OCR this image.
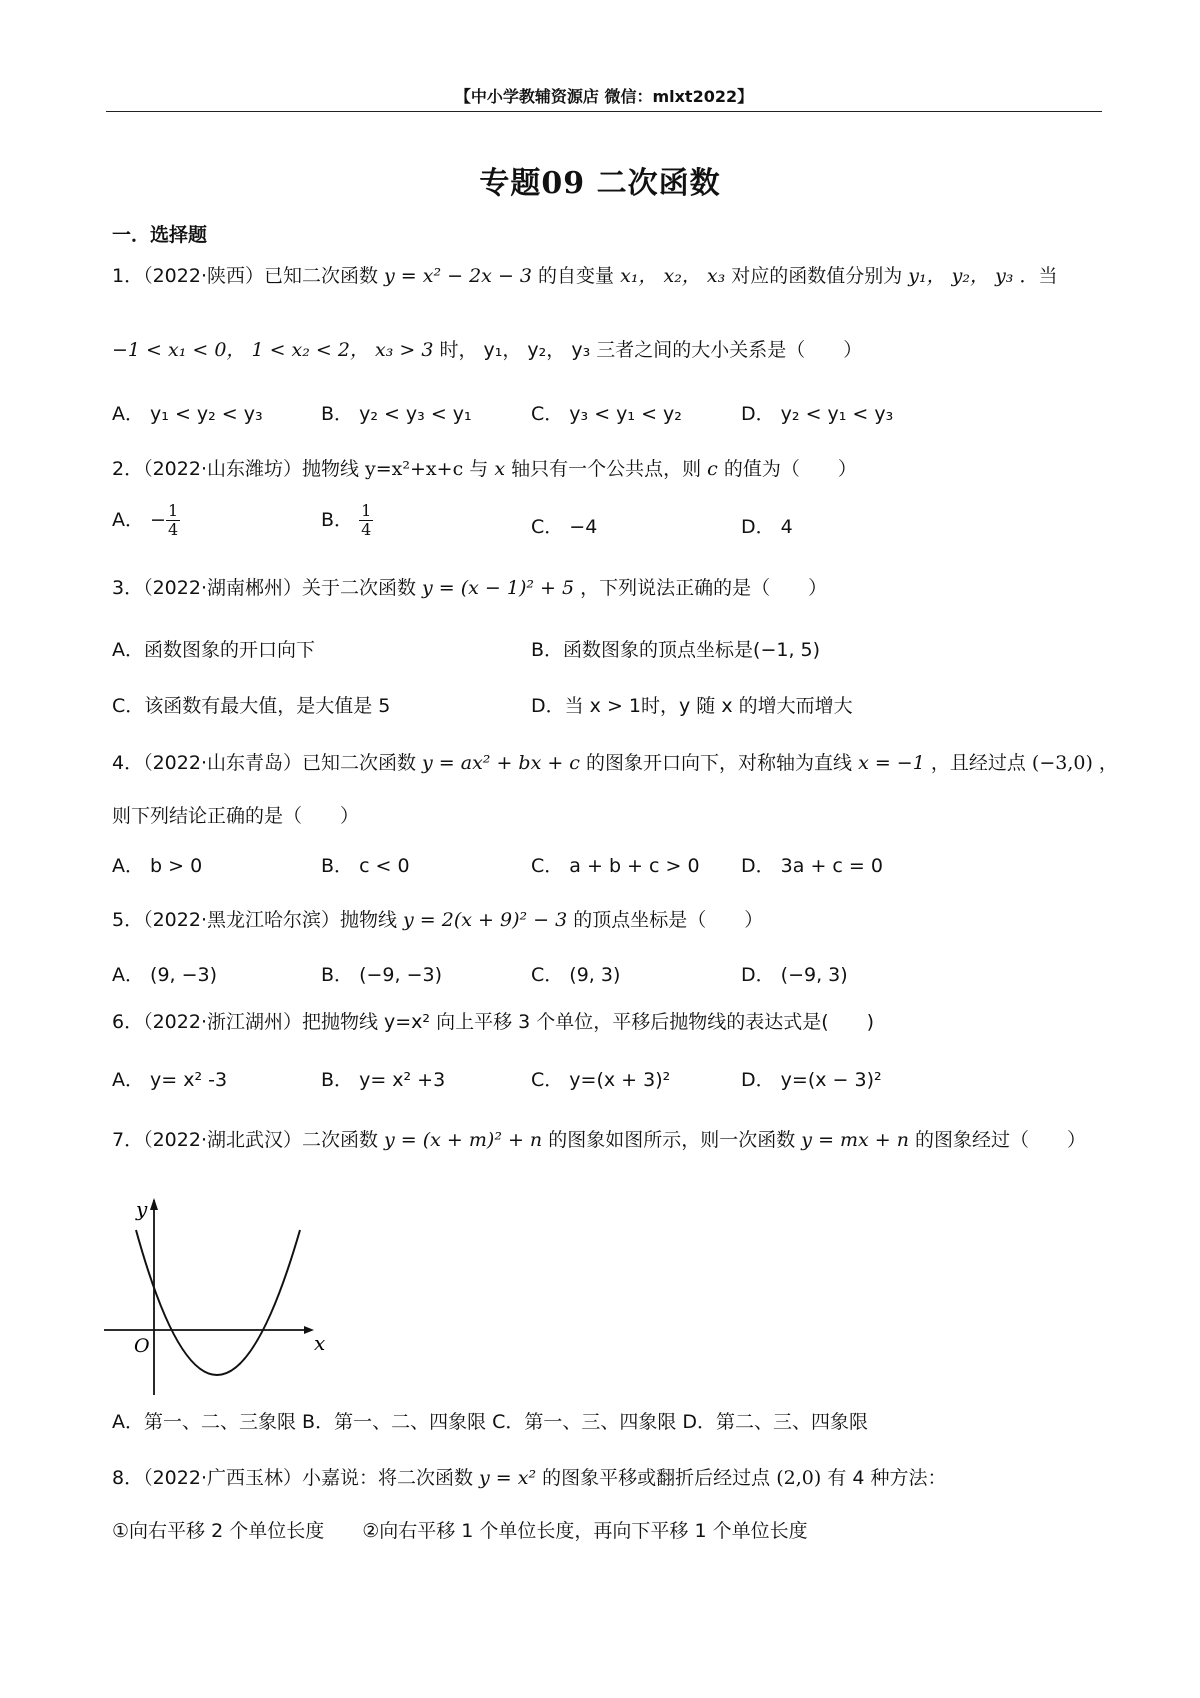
【中小学教辅资源店 微信：mlxt2022】
专题09 二次函数
一．选择题
1．（2022·陕西）已知二次函数 y = x² − 2x − 3 的自变量 x₁， x₂， x₃ 对应的函数值分别为 y₁， y₂， y₃ ．当
−1 < x₁ < 0， 1 < x₂ < 2， x₃ > 3 时， y₁， y₂， y₃ 三者之间的大小关系是（　　）
A． y₁ < y₂ < y₃	B． y₂ < y₃ < y₁	C． y₃ < y₁ < y₂	D． y₂ < y₁ < y₃
2．（2022·山东潍坊）抛物线 y=x²+x+c 与 x 轴只有一个公共点，则 c 的值为（　　）
A． − $\frac{1}{4}$	B． $\frac{1}{4}$	C． −4	D． 4
3．（2022·湖南郴州）关于二次函数 y = (x − 1)² + 5 ，下列说法正确的是（　　）
A．函数图象的开口向下	B．函数图象的顶点坐标是(−1, 5)
C．该函数有最大值，是大值是 5	D．当 x > 1时，y 随 x 的增大而增大
4．（2022·山东青岛）已知二次函数 y = ax² + bx + c 的图象开口向下，对称轴为直线 x = −1 ，且经过点 (−3,0) ，
则下列结论正确的是（　　）
A． b > 0	B． c < 0	C． a + b + c > 0 D． 3a + c = 0
5．（2022·黑龙江哈尔滨）抛物线 y = 2(x + 9)² − 3 的顶点坐标是（　　）
A． (9, −3)	B． (−9, −3)	C． (9, 3)	D． (−9, 3)
6．（2022·浙江湖州）把抛物线 y=x² 向上平移 3 个单位，平移后抛物线的表达式是(　　)
A． y= x² -3	B． y= x² +3	C． y=(x + 3)²	D． y=(x − 3)²
7．（2022·湖北武汉）二次函数 y = (x + m)² + n 的图象如图所示，则一次函数 y = mx + n 的图象经过（　　）
y
x
O
A．第一、二、三象限 B．第一、二、四象限 C．第一、三、四象限 D．第二、三、四象限
8．（2022·广西玉林）小嘉说：将二次函数 y = x² 的图象平移或翻折后经过点 (2,0) 有 4 种方法：
①向右平移 2 个单位长度　　②向右平移 1 个单位长度，再向下平移 1 个单位长度
